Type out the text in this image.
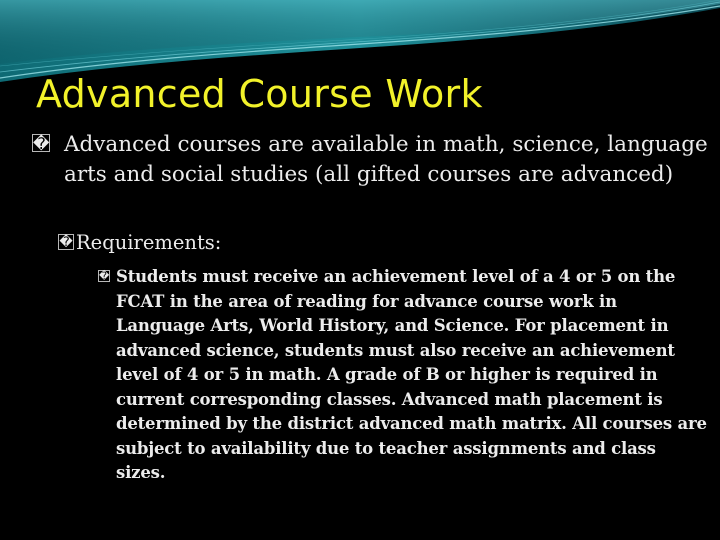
Advanced Course Work
� Advanced courses are available in math, science, language arts and social studies (all gifted courses are advanced)
� Requirements:
� Students must receive an achievement level of a 4 or 5 on the FCAT in the area of reading for advance course work in Language Arts, World History, and Science. For placement in advanced science, students must also receive an achievement level of 4 or 5 in math. A grade of B or higher is required in current corresponding classes. Advanced math placement is determined by the district advanced math matrix. All courses are subject to availability due to teacher assignments and class sizes.
